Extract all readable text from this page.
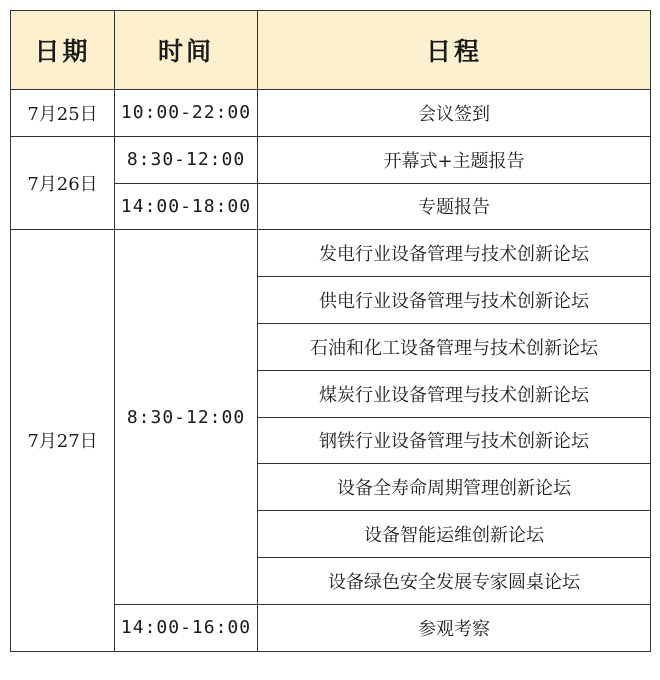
日期	时间	日程
7月25日	10:00-22:00	会议签到
7月26日	8:30-12:00	开幕式+主题报告
	14:00-18:00	专题报告
7月27日	8:30-12:00	发电行业设备管理与技术创新论坛
		供电行业设备管理与技术创新论坛
		石油和化工设备管理与技术创新论坛
		煤炭行业设备管理与技术创新论坛
		钢铁行业设备管理与技术创新论坛
		设备全寿命周期管理创新论坛
		设备智能运维创新论坛
		设备绿色安全发展专家圆桌论坛
	14:00-16:00	参观考察
